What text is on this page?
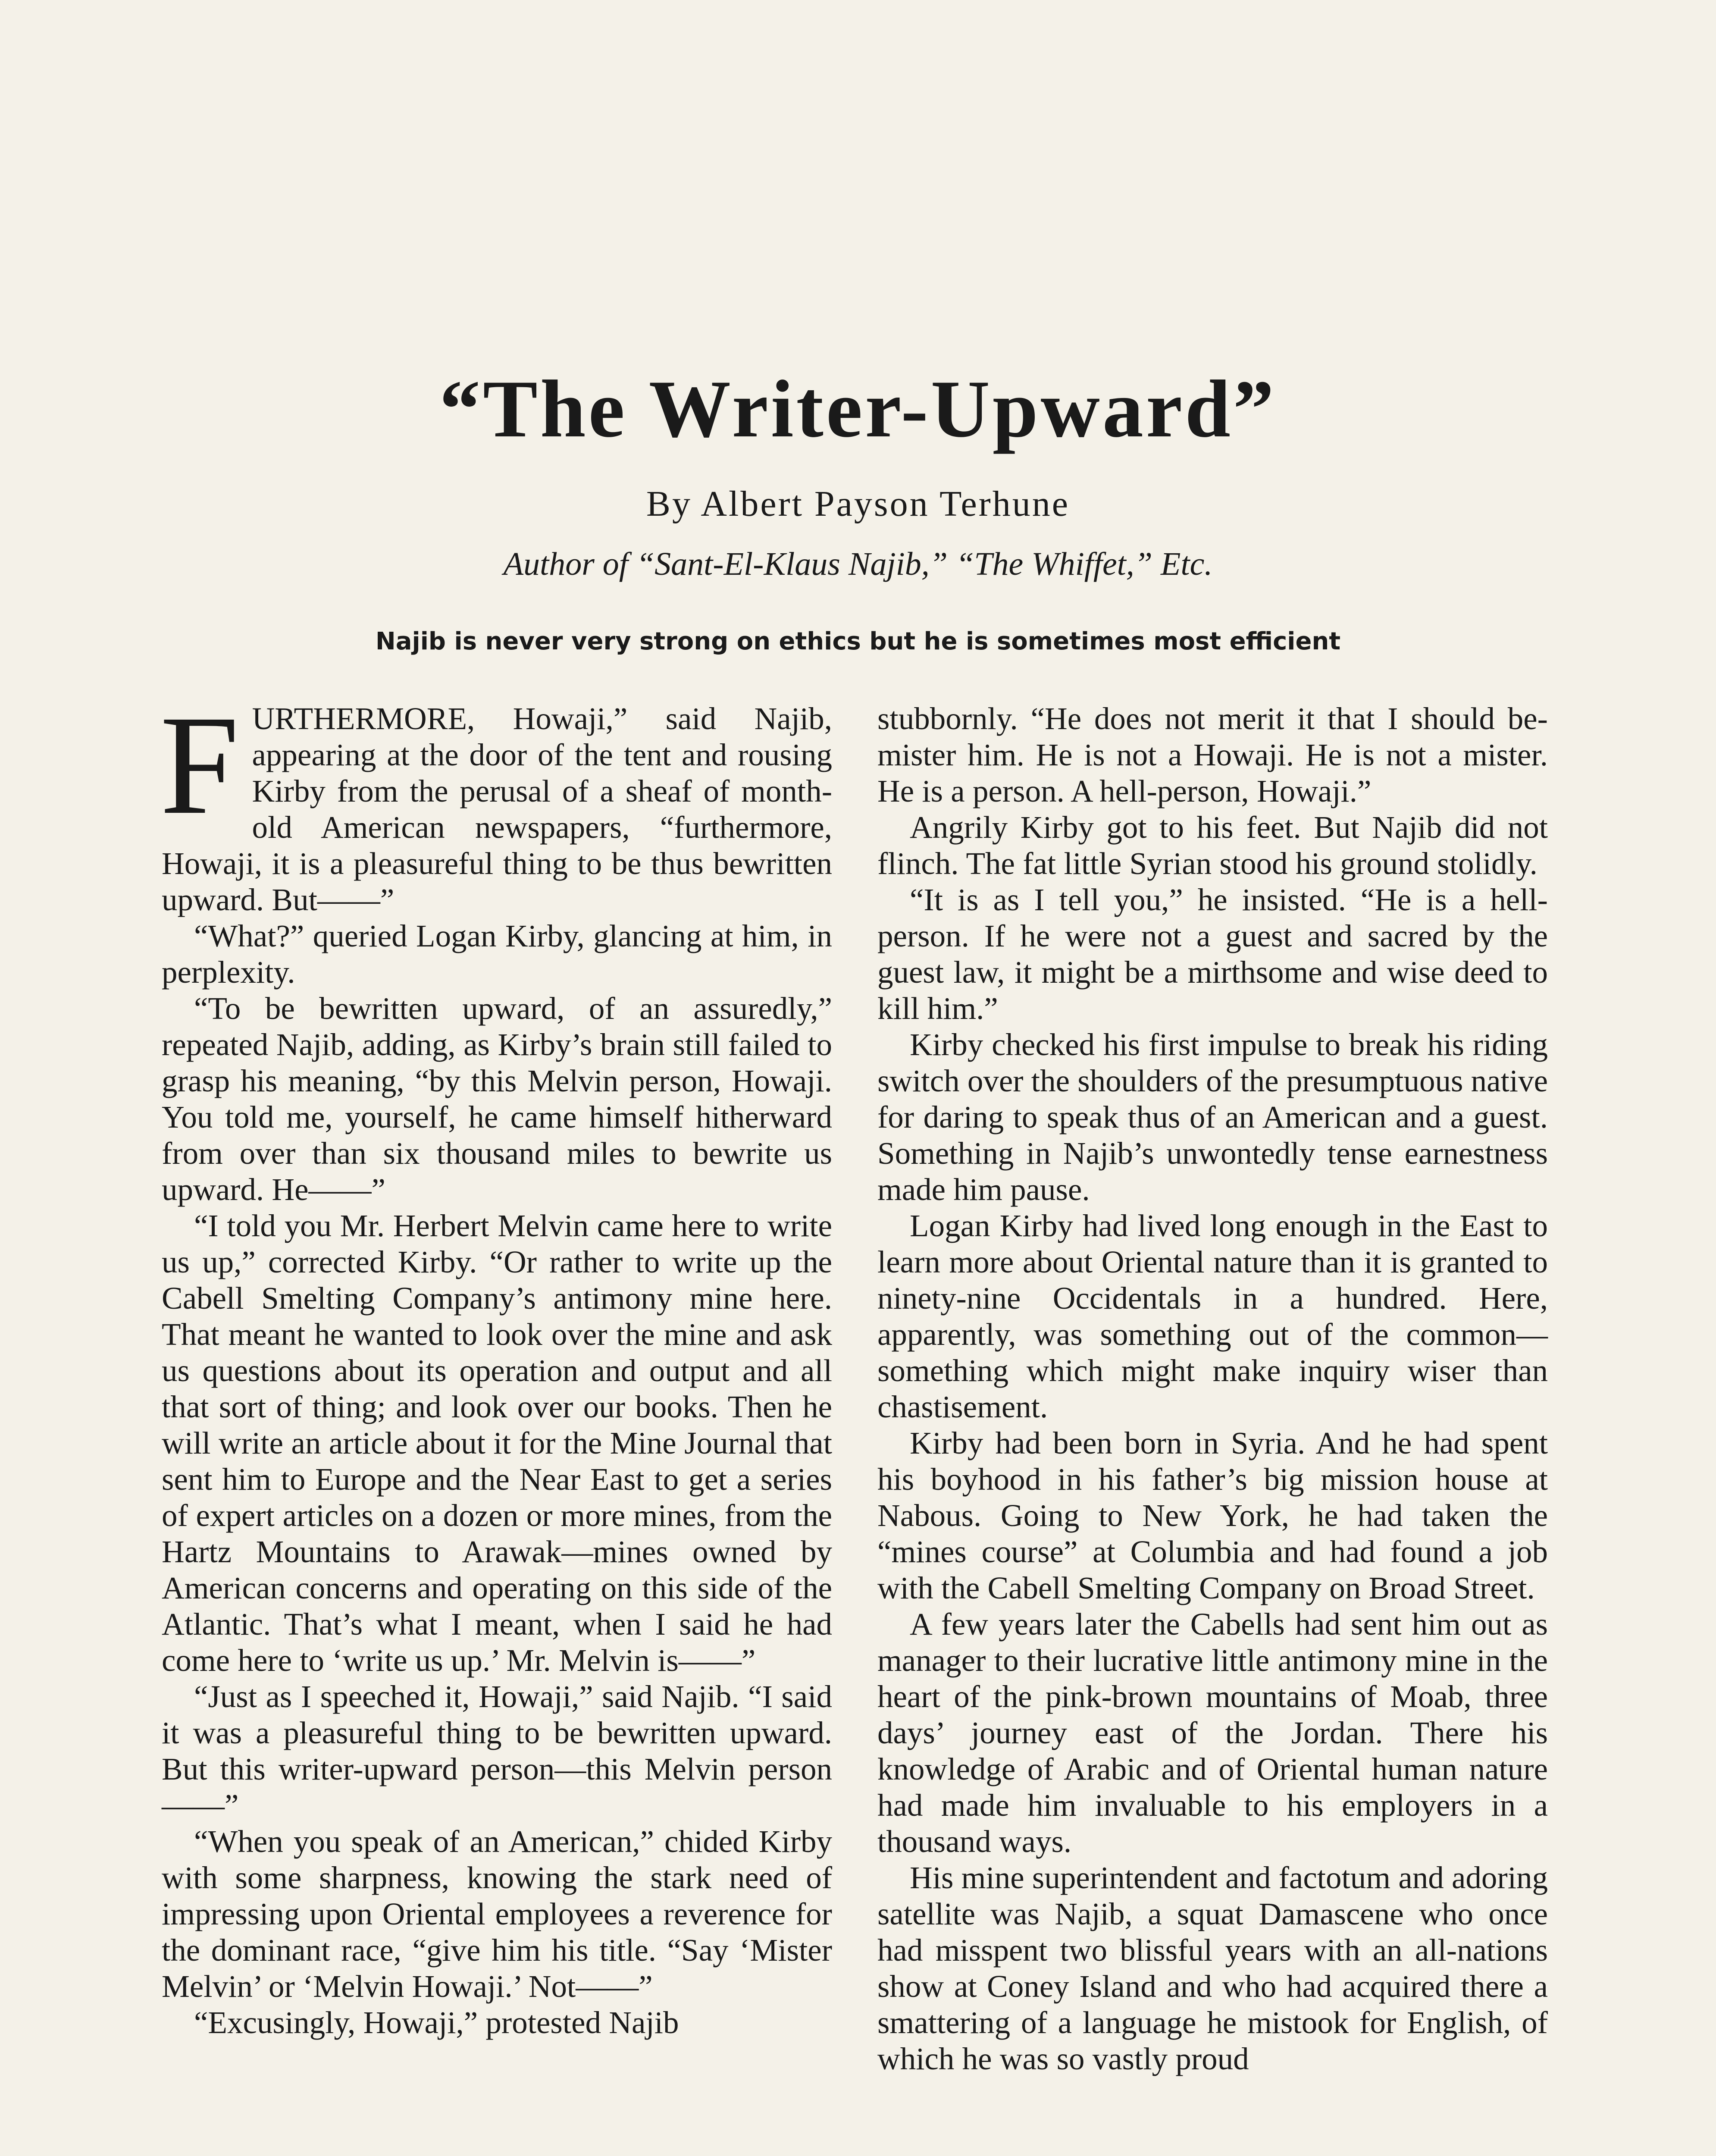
“The Writer-Upward”
By Albert Payson Terhune
Author of “Sant-El-Klaus Najib,” “The Whiffet,” Etc.
Najib is never very strong on ethics but he is sometimes most efficient
F URTHERMORE, Howaji,” said Najib, appearing at the door of the tent and rousing Kirby from the perusal of a sheaf of month-old American newspapers, “furthermore, Howaji, it is a pleasureful thing to be thus bewritten upward. But——”

“What?” queried Logan Kirby, glancing at him, in perplexity.

“To be bewritten upward, of an assuredly,” repeated Najib, adding, as Kirby’s brain still failed to grasp his meaning, “by this Melvin person, Howaji. You told me, yourself, he came himself hitherward from over than six thousand miles to bewrite us upward. He——”

“I told you Mr. Herbert Melvin came here to write us up,” corrected Kirby. “Or rather to write up the Cabell Smelting Company’s antimony mine here. That meant he wanted to look over the mine and ask us questions about its operation and output and all that sort of thing; and look over our books. Then he will write an article about it for the Mine Journal that sent him to Europe and the Near East to get a series of expert articles on a dozen or more mines, from the Hartz Mountains to Arawak—mines owned by American concerns and operating on this side of the Atlantic. That’s what I meant, when I said he had come here to ‘write us up.’ Mr. Melvin is——”

“Just as I speeched it, Howaji,” said Najib. “I said it was a pleasureful thing to be bewritten upward. But this writer-upward person—this Melvin person——”

“When you speak of an American,” chided Kirby with some sharpness, knowing the stark need of impressing upon Oriental employees a reverence for the dominant race, “give him his title. “Say ‘Mister Melvin’ or ‘Melvin Howaji.’ Not——”

“Excusingly, Howaji,” protested Najib

stubbornly. “He does not merit it that I should be-mister him. He is not a Howaji. He is not a mister. He is a person. A hell-person, Howaji.”

Angrily Kirby got to his feet. But Najib did not flinch. The fat little Syrian stood his ground stolidly.

“It is as I tell you,” he insisted. “He is a hell-person. If he were not a guest and sacred by the guest law, it might be a mirthsome and wise deed to kill him.”

Kirby checked his first impulse to break his riding switch over the shoulders of the presumptuous native for daring to speak thus of an American and a guest. Something in Najib’s unwontedly tense earnestness made him pause.

Logan Kirby had lived long enough in the East to learn more about Oriental nature than it is granted to ninety-nine Occidentals in a hundred. Here, apparently, was something out of the common—something which might make inquiry wiser than chastisement.

Kirby had been born in Syria. And he had spent his boyhood in his father’s big mission house at Nabous. Going to New York, he had taken the “mines course” at Columbia and had found a job with the Cabell Smelting Company on Broad Street.

A few years later the Cabells had sent him out as manager to their lucrative little antimony mine in the heart of the pink-brown mountains of Moab, three days’ journey east of the Jordan. There his knowledge of Arabic and of Oriental human nature had made him invaluable to his employers in a thousand ways.

His mine superintendent and factotum and adoring satellite was Najib, a squat Damascene who once had misspent two blissful years with an all-nations show at Coney Island and who had acquired there a smattering of a language he mistook for English, of which he was so vastly proud
